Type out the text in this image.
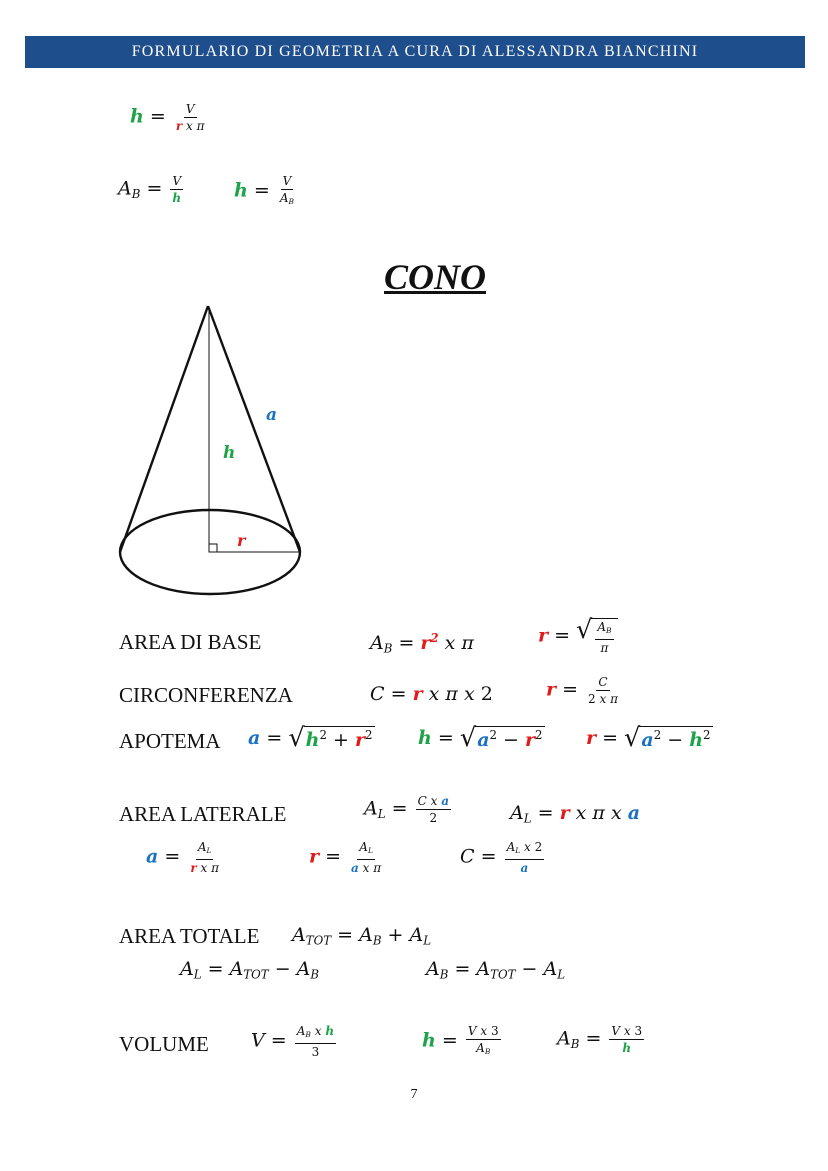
FORMULARIO DI GEOMETRIA A CURA DI ALESSANDRA BIANCHINI
$h = \frac{V}{\text{r x π}}$
$A_B = \frac{V}{h}$	$h = \frac{V}{A_B}$
CONO
a
h
r
AREA DI BASE	$A_B = r^2$ x π	r = √ $\frac{A_B}{\pi}$
CIRCONFERENZA	C = r x π x 2	$r = \frac{C}{\text{2 x π}}$
APOTEMA a = √ $h^2 + r^2$ h = √ $a^2 - r^2$ r = √ $a^2 - h^2$
AREA LATERALE	$A_L = \frac{\text{C x a}}{2}$	$A_L = r$ x π x a
$a = \frac{A_L}{\text{r x π}}$	$r = \frac{A_L}{\text{a x π}}$	$C = \frac{A_L x 2}{a}$
AREA TOTALE $A_{TOT} = A_B + A_L$
$A_L = A_{TOT} - A_B$	$A_B = A_{TOT} - A_L$
VOLUME $V = \frac{A_B x h}{3}$	$h = \frac{\text{V x 3}}{A_B}$	$A_B = \frac{\text{V x 3}}{h}$
7
